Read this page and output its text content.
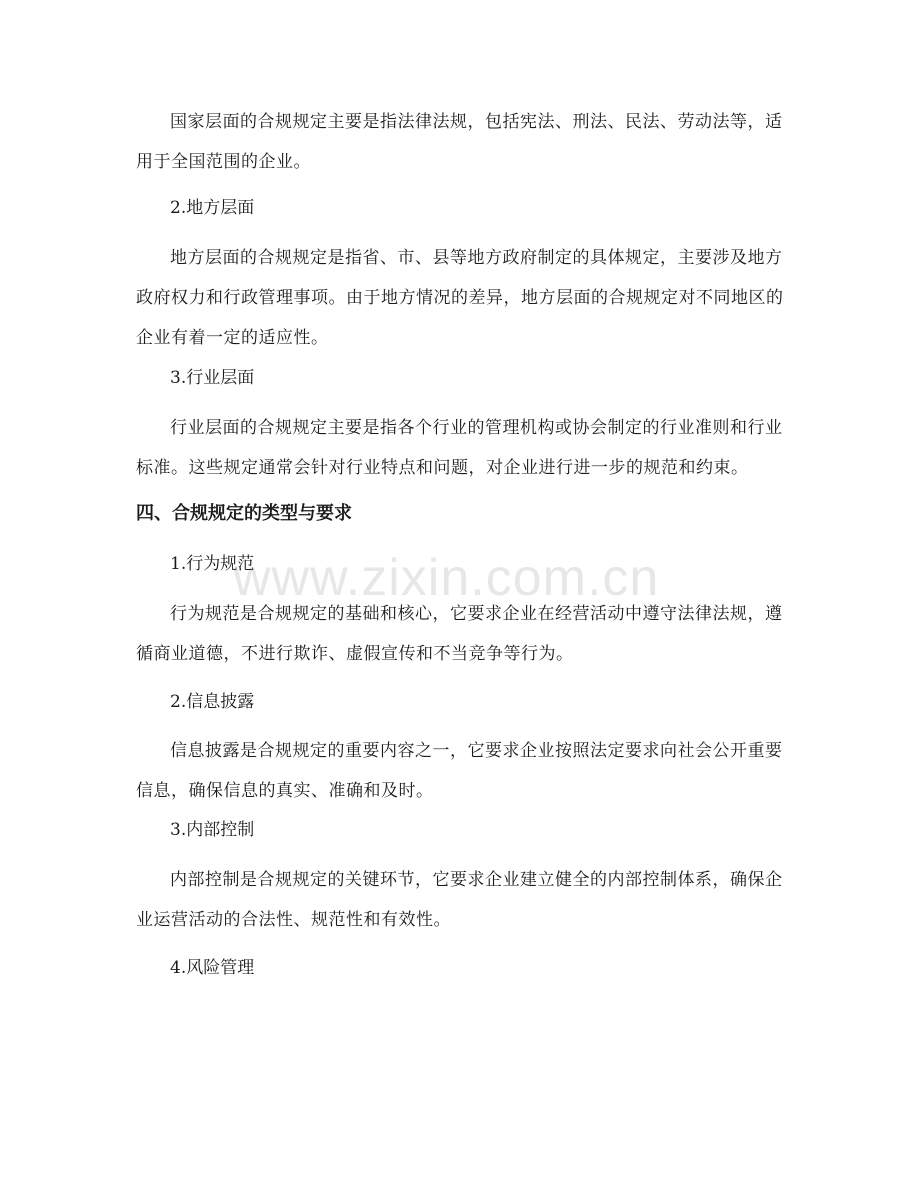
国家层面的合规规定主要是指法律法规，包括宪法、刑法、民法、劳动法等，适用于全国范围的企业。

2.地方层面

地方层面的合规规定是指省、市、县等地方政府制定的具体规定，主要涉及地方政府权力和行政管理事项。由于地方情况的差异，地方层面的合规规定对不同地区的企业有着一定的适应性。

3.行业层面

行业层面的合规规定主要是指各个行业的管理机构或协会制定的行业准则和行业标准。这些规定通常会针对行业特点和问题，对企业进行进一步的规范和约束。

四、合规规定的类型与要求

1.行为规范

行为规范是合规规定的基础和核心，它要求企业在经营活动中遵守法律法规，遵循商业道德，不进行欺诈、虚假宣传和不当竞争等行为。

2.信息披露

信息披露是合规规定的重要内容之一，它要求企业按照法定要求向社会公开重要信息，确保信息的真实、准确和及时。

3.内部控制

内部控制是合规规定的关键环节，它要求企业建立健全的内部控制体系，确保企业运营活动的合法性、规范性和有效性。

4.风险管理

www.zixin.com.cn
